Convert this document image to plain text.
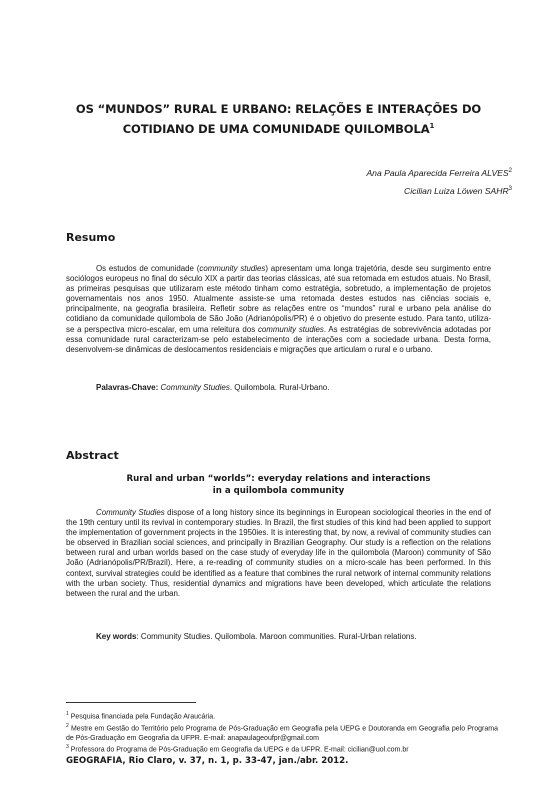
OS “MUNDOS” RURAL E URBANO: RELAÇÕES E INTERAÇÕES DO
COTIDIANO DE UMA COMUNIDADE QUILOMBOLA$^1$
Ana Paula Aparecida Ferreira ALVES$^2$
Cicilian Luiza Löwen SAHR$^3$
Resumo

Os estudos de comunidade (community studies) apresentam uma longa trajetória, desde seu surgimento entre sociólogos europeus no final do século XIX a partir das teorias clássicas, até sua retomada em estudos atuais. No Brasil, as primeiras pesquisas que utilizaram este método tinham como estratégia, sobretudo, a implementação de projetos governamentais nos anos 1950. Atualmente assiste-se uma retomada destes estudos nas ciências sociais e, principalmente, na geografia brasileira. Refletir sobre as relações entre os “mundos” rural e urbano pela análise do cotidiano da comunidade quilombola de São João (Adrianópolis/PR) é o objetivo do presente estudo. Para tanto, utiliza-se a perspectiva micro-escalar, em uma releitura dos community studies. As estratégias de sobrevivência adotadas por essa comunidade rural caracterizam-se pelo estabelecimento de interações com a sociedade urbana. Desta forma, desenvolvem-se dinâmicas de deslocamentos residenciais e migrações que articulam o rural e o urbano.

Palavras-Chave: Community Studies. Quilombola. Rural-Urbano.
Abstract
Rural and urban “worlds”: everyday relations and interactions
in a quilombola community

Community Studies dispose of a long history since its beginnings in European sociological theories in the end of the 19th century until its revival in contemporary studies. In Brazil, the first studies of this kind had been applied to support the implementation of government projects in the 1950ies. It is interesting that, by now, a revival of community studies can be observed in Brazilian social sciences, and principally in Brazilian Geography. Our study is a reflection on the relations between rural and urban worlds based on the case study of everyday life in the quilombola (Maroon) community of São João (Adrianópolis/PR/Brazil). Here, a re-reading of community studies on a micro-scale has been performed. In this context, survival strategies could be identified as a feature that combines the rural network of internal community relations with the urban society. Thus, residential dynamics and migrations have been developed, which articulate the relations between the rural and the urban.

Key words: Community Studies. Quilombola. Maroon communities. Rural-Urban relations.
$^1$ Pesquisa financiada pela Fundação Araucária.
$^2$ Mestre em Gestão do Território pelo Programa de Pós-Graduação em Geografia pela UEPG e Doutoranda em Geografia pelo Programa de Pós-Graduação em Geografia da UFPR. E-mail: anapaulageoufpr@gmail.com
$^3$ Professora do Programa de Pós-Graduação em Geografia da UEPG e da UFPR. E-mail: cicilian@uol.com.br
GEOGRAFIA, Rio Claro, v. 37, n. 1, p. 33-47, jan./abr. 2012.
